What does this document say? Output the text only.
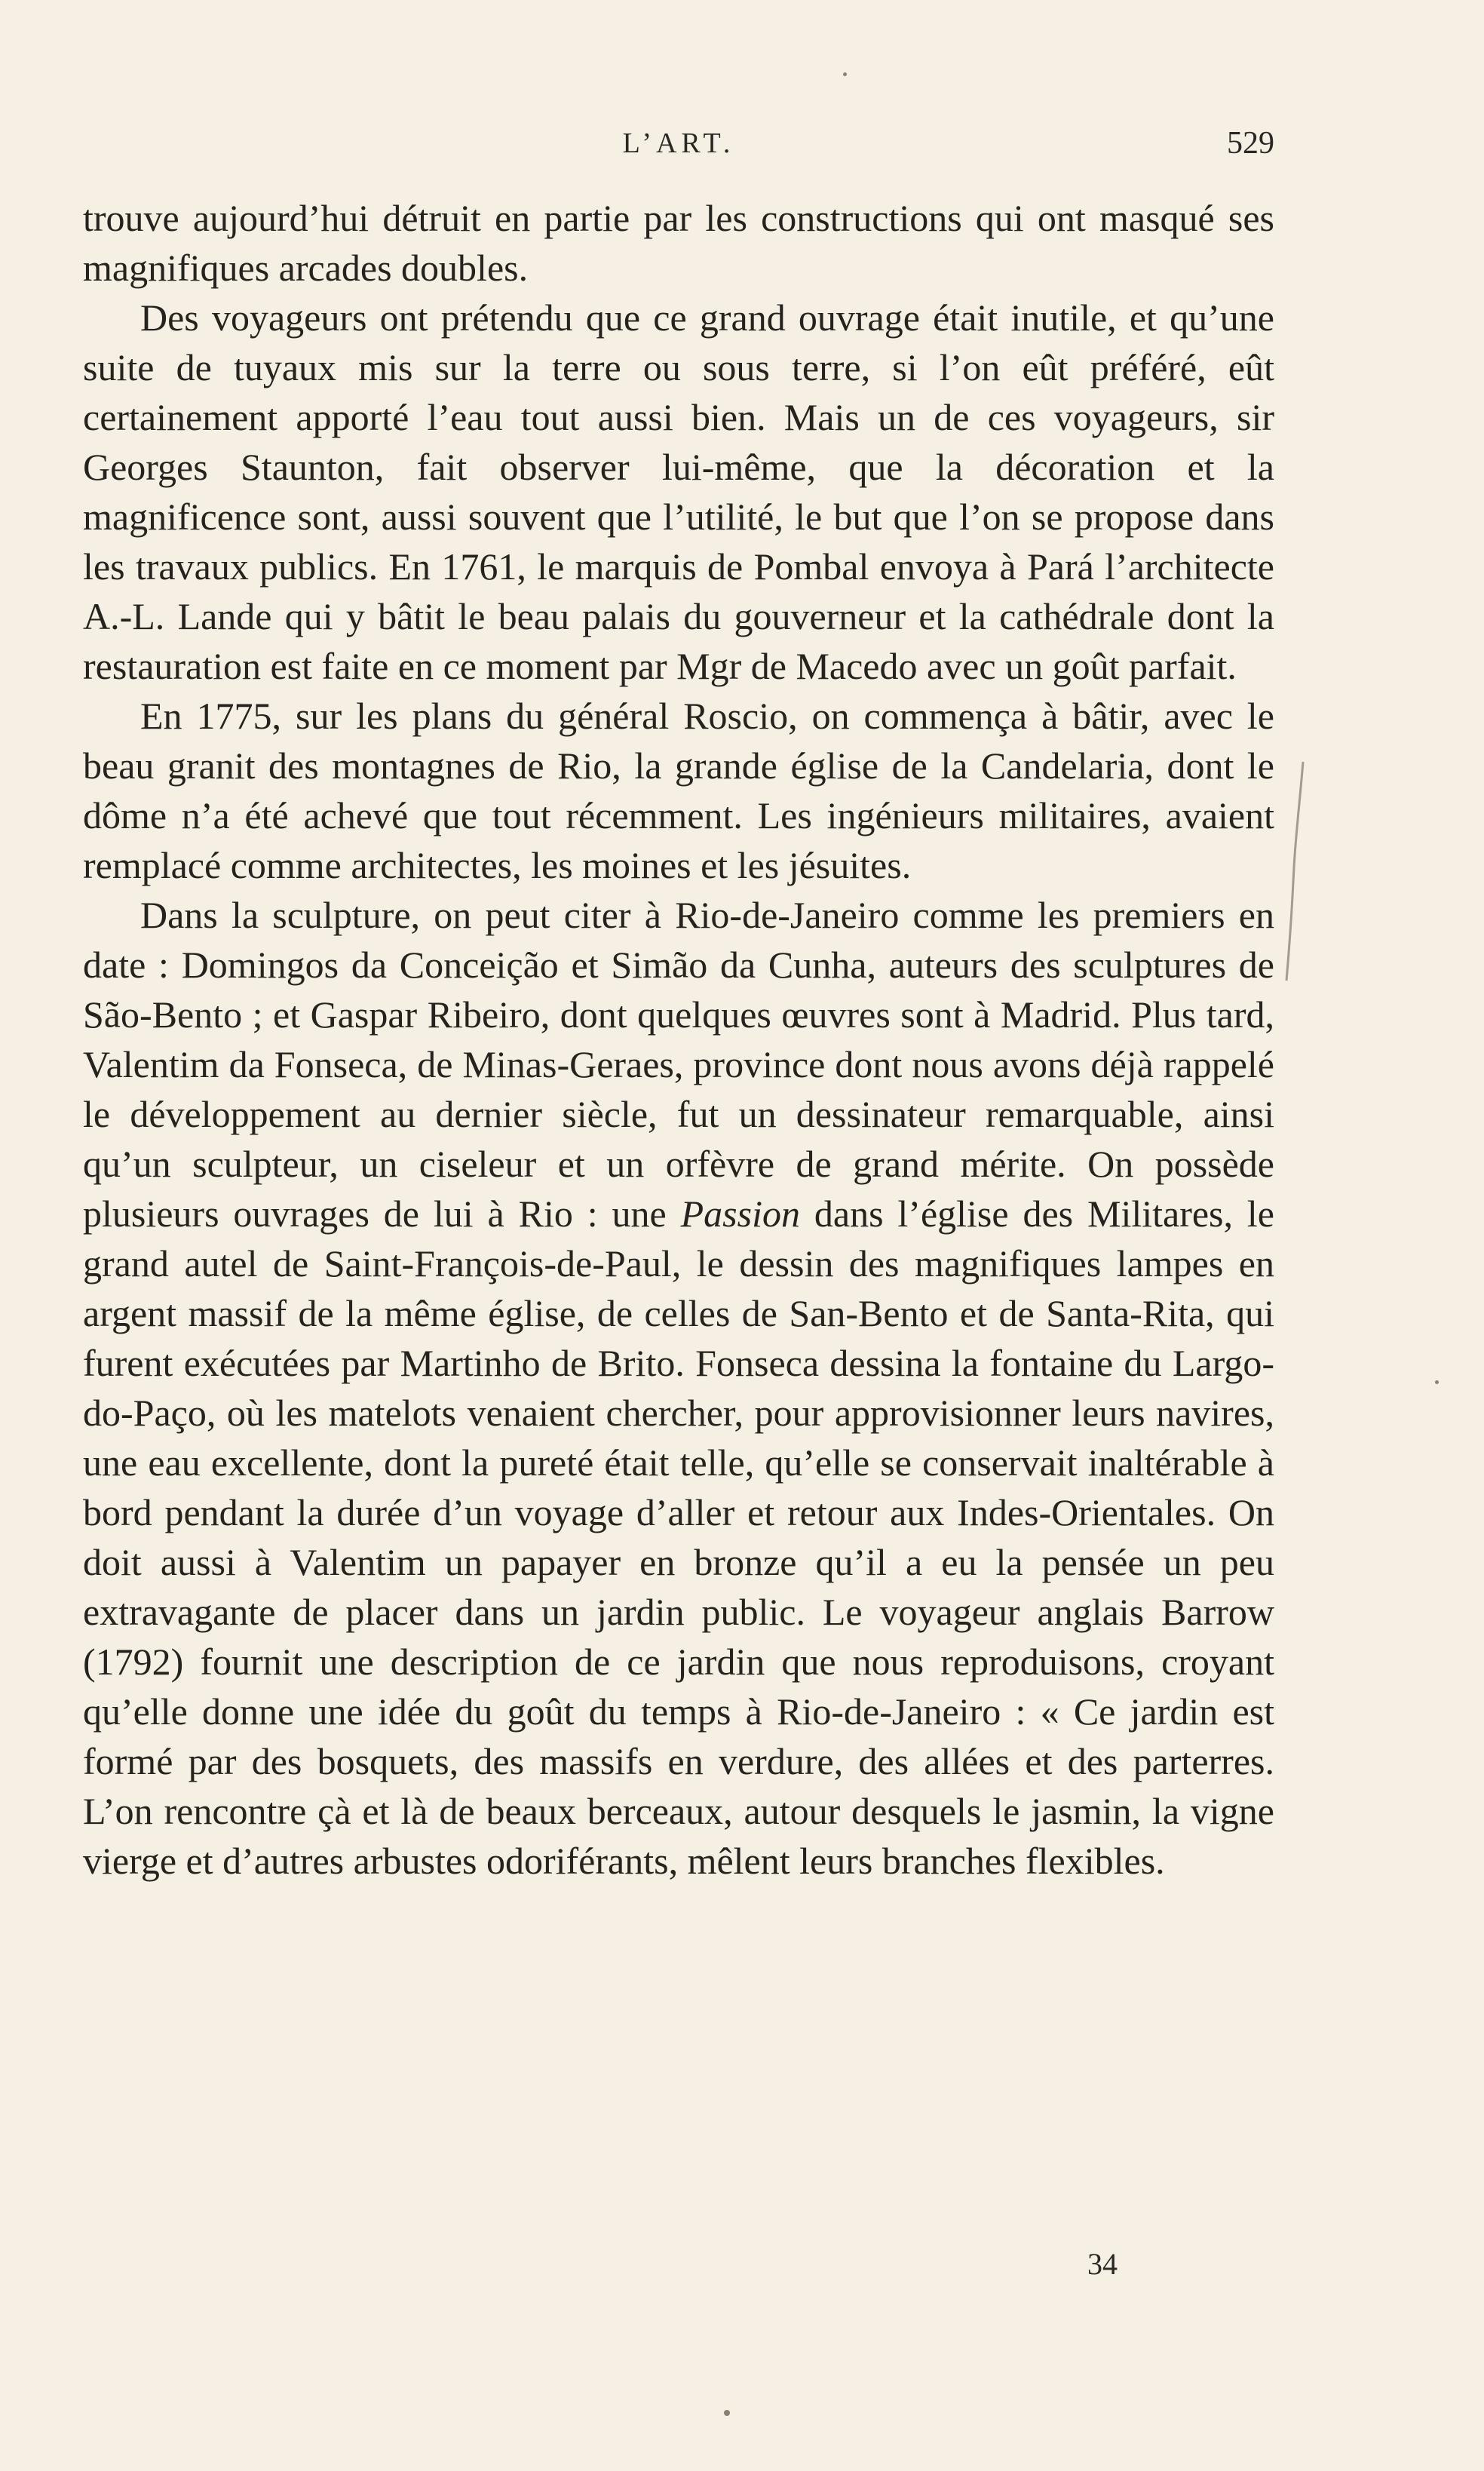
L’ART.	529

trouve aujourd’hui détruit en partie par les constructions qui ont masqué ses magnifiques arcades doubles.

Des voyageurs ont prétendu que ce grand ouvrage était inutile, et qu’une suite de tuyaux mis sur la terre ou sous terre, si l’on eût préféré, eût certainement apporté l’eau tout aussi bien. Mais un de ces voyageurs, sir Georges Staunton, fait observer lui-même, que la décoration et la magnificence sont, aussi souvent que l’utilité, le but que l’on se propose dans les travaux publics. En 1761, le marquis de Pombal envoya à Pará l’architecte A.-L. Lande qui y bâtit le beau palais du gouverneur et la cathédrale dont la restauration est faite en ce moment par Mgr de Macedo avec un goût parfait.

En 1775, sur les plans du général Roscio, on commença à bâtir, avec le beau granit des montagnes de Rio, la grande église de la Candelaria, dont le dôme n’a été achevé que tout récemment. Les ingénieurs militaires, avaient remplacé comme architectes, les moines et les jésuites.

Dans la sculpture, on peut citer à Rio-de-Janeiro comme les premiers en date : Domingos da Conceição et Simão da Cunha, auteurs des sculptures de São-Bento ; et Gaspar Ribeiro, dont quelques œuvres sont à Madrid. Plus tard, Valentim da Fonseca, de Minas-Geraes, province dont nous avons déjà rappelé le développement au dernier siècle, fut un dessinateur remarquable, ainsi qu’un sculpteur, un ciseleur et un orfèvre de grand mérite. On possède plusieurs ouvrages de lui à Rio : une Passion dans l’église des Militares, le grand autel de Saint-François-de-Paul, le dessin des magnifiques lampes en argent massif de la même église, de celles de San-Bento et de Santa-Rita, qui furent exécutées par Martinho de Brito. Fonseca dessina la fontaine du Largo-do-Paço, où les matelots venaient chercher, pour approvisionner leurs navires, une eau excellente, dont la pureté était telle, qu’elle se conservait inaltérable à bord pendant la durée d’un voyage d’aller et retour aux Indes-Orientales. On doit aussi à Valentim un papayer en bronze qu’il a eu la pensée un peu extravagante de placer dans un jardin public. Le voyageur anglais Barrow (1792) fournit une description de ce jardin que nous reproduisons, croyant qu’elle donne une idée du goût du temps à Rio-de-Janeiro : « Ce jardin est formé par des bosquets, des massifs en verdure, des allées et des parterres. L’on rencontre çà et là de beaux berceaux, autour desquels le jasmin, la vigne vierge et d’autres arbustes odoriférants, mêlent leurs branches flexibles.

34
